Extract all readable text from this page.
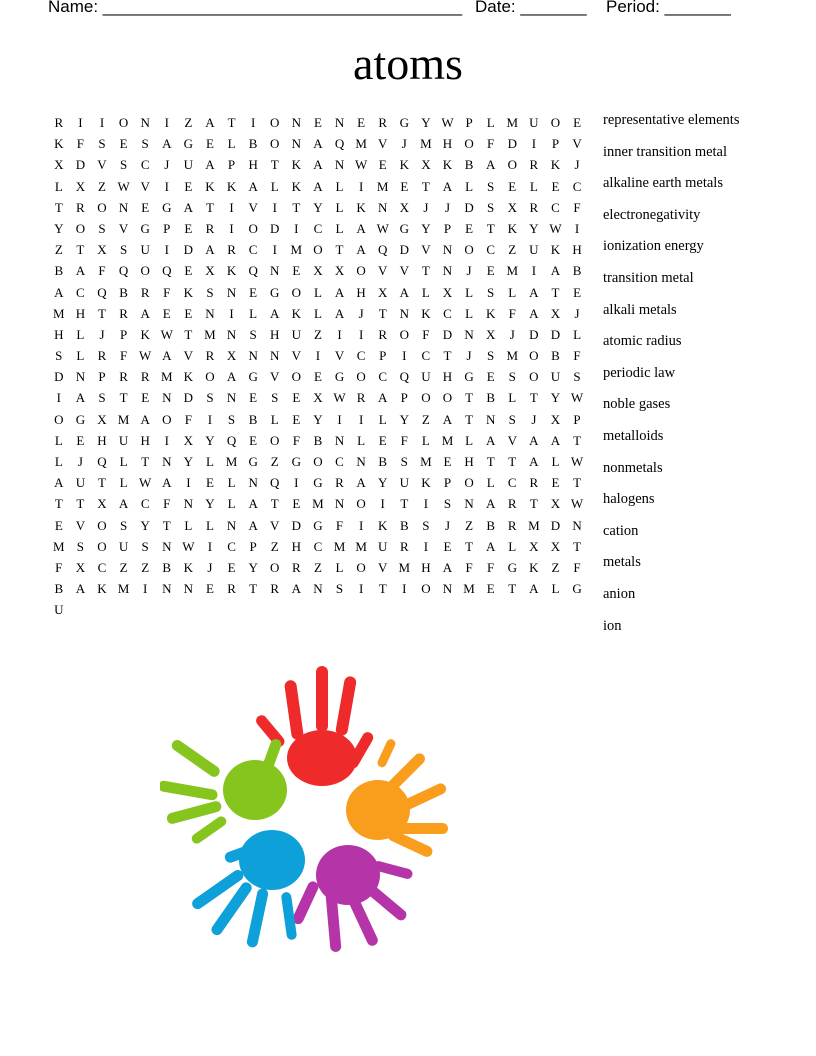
Name: ______________________________________ Date: _______ Period: _______
atoms
R	I	I	O N	I	Z A T	I	O N E N E	R G Y W P	L M U O E
K	F	S	E	S	A G E	L	B O N A Q M V	J	M H O	F	D	I	P	V
X D V	S	C	J	U A	P	H T K A N W E K X K B A O R K	J
L X Z W V	I	E K K A L K A L	I	M E	T A L	S	E	L	E	C
T	R O N E G A T	I	V	I	T Y L K N X	J	J	D	S	X R C	F
Y O	S	V G	P	E	R	I	O D	I	C	L A W G Y	P	E	T K Y W	I
Z	T X	S	U	I	D A R C	I	M O T A Q D V N O C	Z U K H
B A	F	Q O Q E X K Q N E X X O V V T N	J	E M	I	A B
A C Q B R	F	K	S	N E G O L A H X A L X L	S	L A T	E
M H T	R A E	E N	I	L A K L A	J	T N K C	L K	F	A X	J
H L	J	P	K W T M N	S	H U Z	I	I	R O	F	D N X	J	D D L
S	L	R	F W A V R X N N V	I	V C	P	I	C	T	J	S M O B	F
D N	P	R R M K O A G V O E G O C Q U H G E	S	O U	S
I	A	S	T	E N D	S	N E	S	E X W R A	P	O O T	B	L	T Y W
O G X M A O	F	I	S	B	L	E Y	I	I	L Y Z A T N	S	J	X	P
L	E H U H	I	X Y Q E O	F	B N L	E	F	L M L A V A A T
L	J	Q L	T N Y L M G Z G O C N B	S M E H T	T A L W
A U T	L W A	I	E	L N Q	I	G R A Y U K	P	O L	C R	E	T
T	T X A C	F	N Y L A T	E M N O	I	T	I	S	N A R	T X W
E V O	S	Y T	L	L N A V D G	F	I	K B	S	J	Z	B R M D N
M S	O U	S	N W	I	C	P	Z H C M M U R	I	E	T A L X X T
F	X C	Z	Z	B K	J	E Y O R	Z	L O V M H A	F	F	G K Z	F
B A K M	I	N N E	R	T	R A N	S	I	T	I	O N M E	T A L G
U
representative elements
inner transition metal
alkaline earth metals
electronegativity
ionization energy
transition metal
alkali metals
atomic radius
periodic law
noble gases
metalloids
nonmetals
halogens
cation
metals
anion
ion
